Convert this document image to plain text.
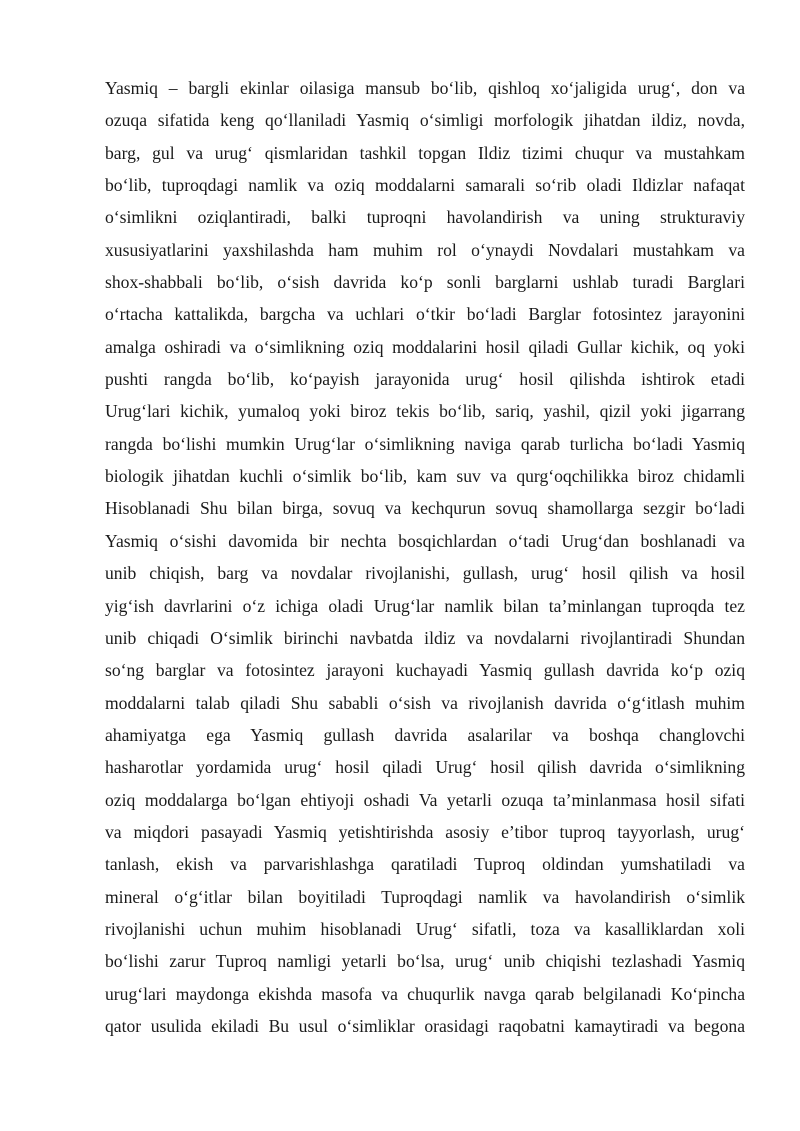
Yasmiq – bargli ekinlar oilasiga mansub bo‘lib, qishloq xo‘jaligida urug‘, don va
ozuqa sifatida keng qo‘llaniladi Yasmiq o‘simligi morfologik jihatdan ildiz, novda,
barg, gul va urug‘ qismlaridan tashkil topgan Ildiz tizimi chuqur va mustahkam
bo‘lib, tuproqdagi namlik va oziq moddalarni samarali so‘rib oladi Ildizlar nafaqat
o‘simlikni oziqlantiradi, balki tuproqni havolandirish va uning strukturaviy
xususiyatlarini yaxshilashda ham muhim rol o‘ynaydi Novdalari mustahkam va
shox-shabbali bo‘lib, o‘sish davrida ko‘p sonli barglarni ushlab turadi Barglari
o‘rtacha kattalikda, bargcha va uchlari o‘tkir bo‘ladi Barglar fotosintez jarayonini
amalga oshiradi va o‘simlikning oziq moddalarini hosil qiladi Gullar kichik, oq yoki
pushti rangda bo‘lib, ko‘payish jarayonida urug‘ hosil qilishda ishtirok etadi
Urug‘lari kichik, yumaloq yoki biroz tekis bo‘lib, sariq, yashil, qizil yoki jigarrang
rangda bo‘lishi mumkin Urug‘lar o‘simlikning naviga qarab turlicha bo‘ladi Yasmiq
biologik jihatdan kuchli o‘simlik bo‘lib, kam suv va qurg‘oqchilikka biroz chidamli
Hisoblanadi Shu bilan birga, sovuq va kechqurun sovuq shamollarga sezgir bo‘ladi
Yasmiq o‘sishi davomida bir nechta bosqichlardan o‘tadi Urug‘dan boshlanadi va
unib chiqish, barg va novdalar rivojlanishi, gullash, urug‘ hosil qilish va hosil
yig‘ish davrlarini o‘z ichiga oladi Urug‘lar namlik bilan ta’minlangan tuproqda tez
unib chiqadi O‘simlik birinchi navbatda ildiz va novdalarni rivojlantiradi Shundan
so‘ng barglar va fotosintez jarayoni kuchayadi Yasmiq gullash davrida ko‘p oziq
moddalarni talab qiladi Shu sababli o‘sish va rivojlanish davrida o‘g‘itlash muhim
ahamiyatga ega Yasmiq gullash davrida asalarilar va boshqa changlovchi
hasharotlar yordamida urug‘ hosil qiladi Urug‘ hosil qilish davrida o‘simlikning
oziq moddalarga bo‘lgan ehtiyoji oshadi Va yetarli ozuqa ta’minlanmasa hosil sifati
va miqdori pasayadi Yasmiq yetishtirishda asosiy e’tibor tuproq tayyorlash, urug‘
tanlash, ekish va parvarishlashga qaratiladi Tuproq oldindan yumshatiladi va
mineral o‘g‘itlar bilan boyitiladi Tuproqdagi namlik va havolandirish o‘simlik
rivojlanishi uchun muhim hisoblanadi Urug‘ sifatli, toza va kasalliklardan xoli
bo‘lishi zarur Tuproq namligi yetarli bo‘lsa, urug‘ unib chiqishi tezlashadi Yasmiq
urug‘lari maydonga ekishda masofa va chuqurlik navga qarab belgilanadi Ko‘pincha
qator usulida ekiladi Bu usul o‘simliklar orasidagi raqobatni kamaytiradi va begona
